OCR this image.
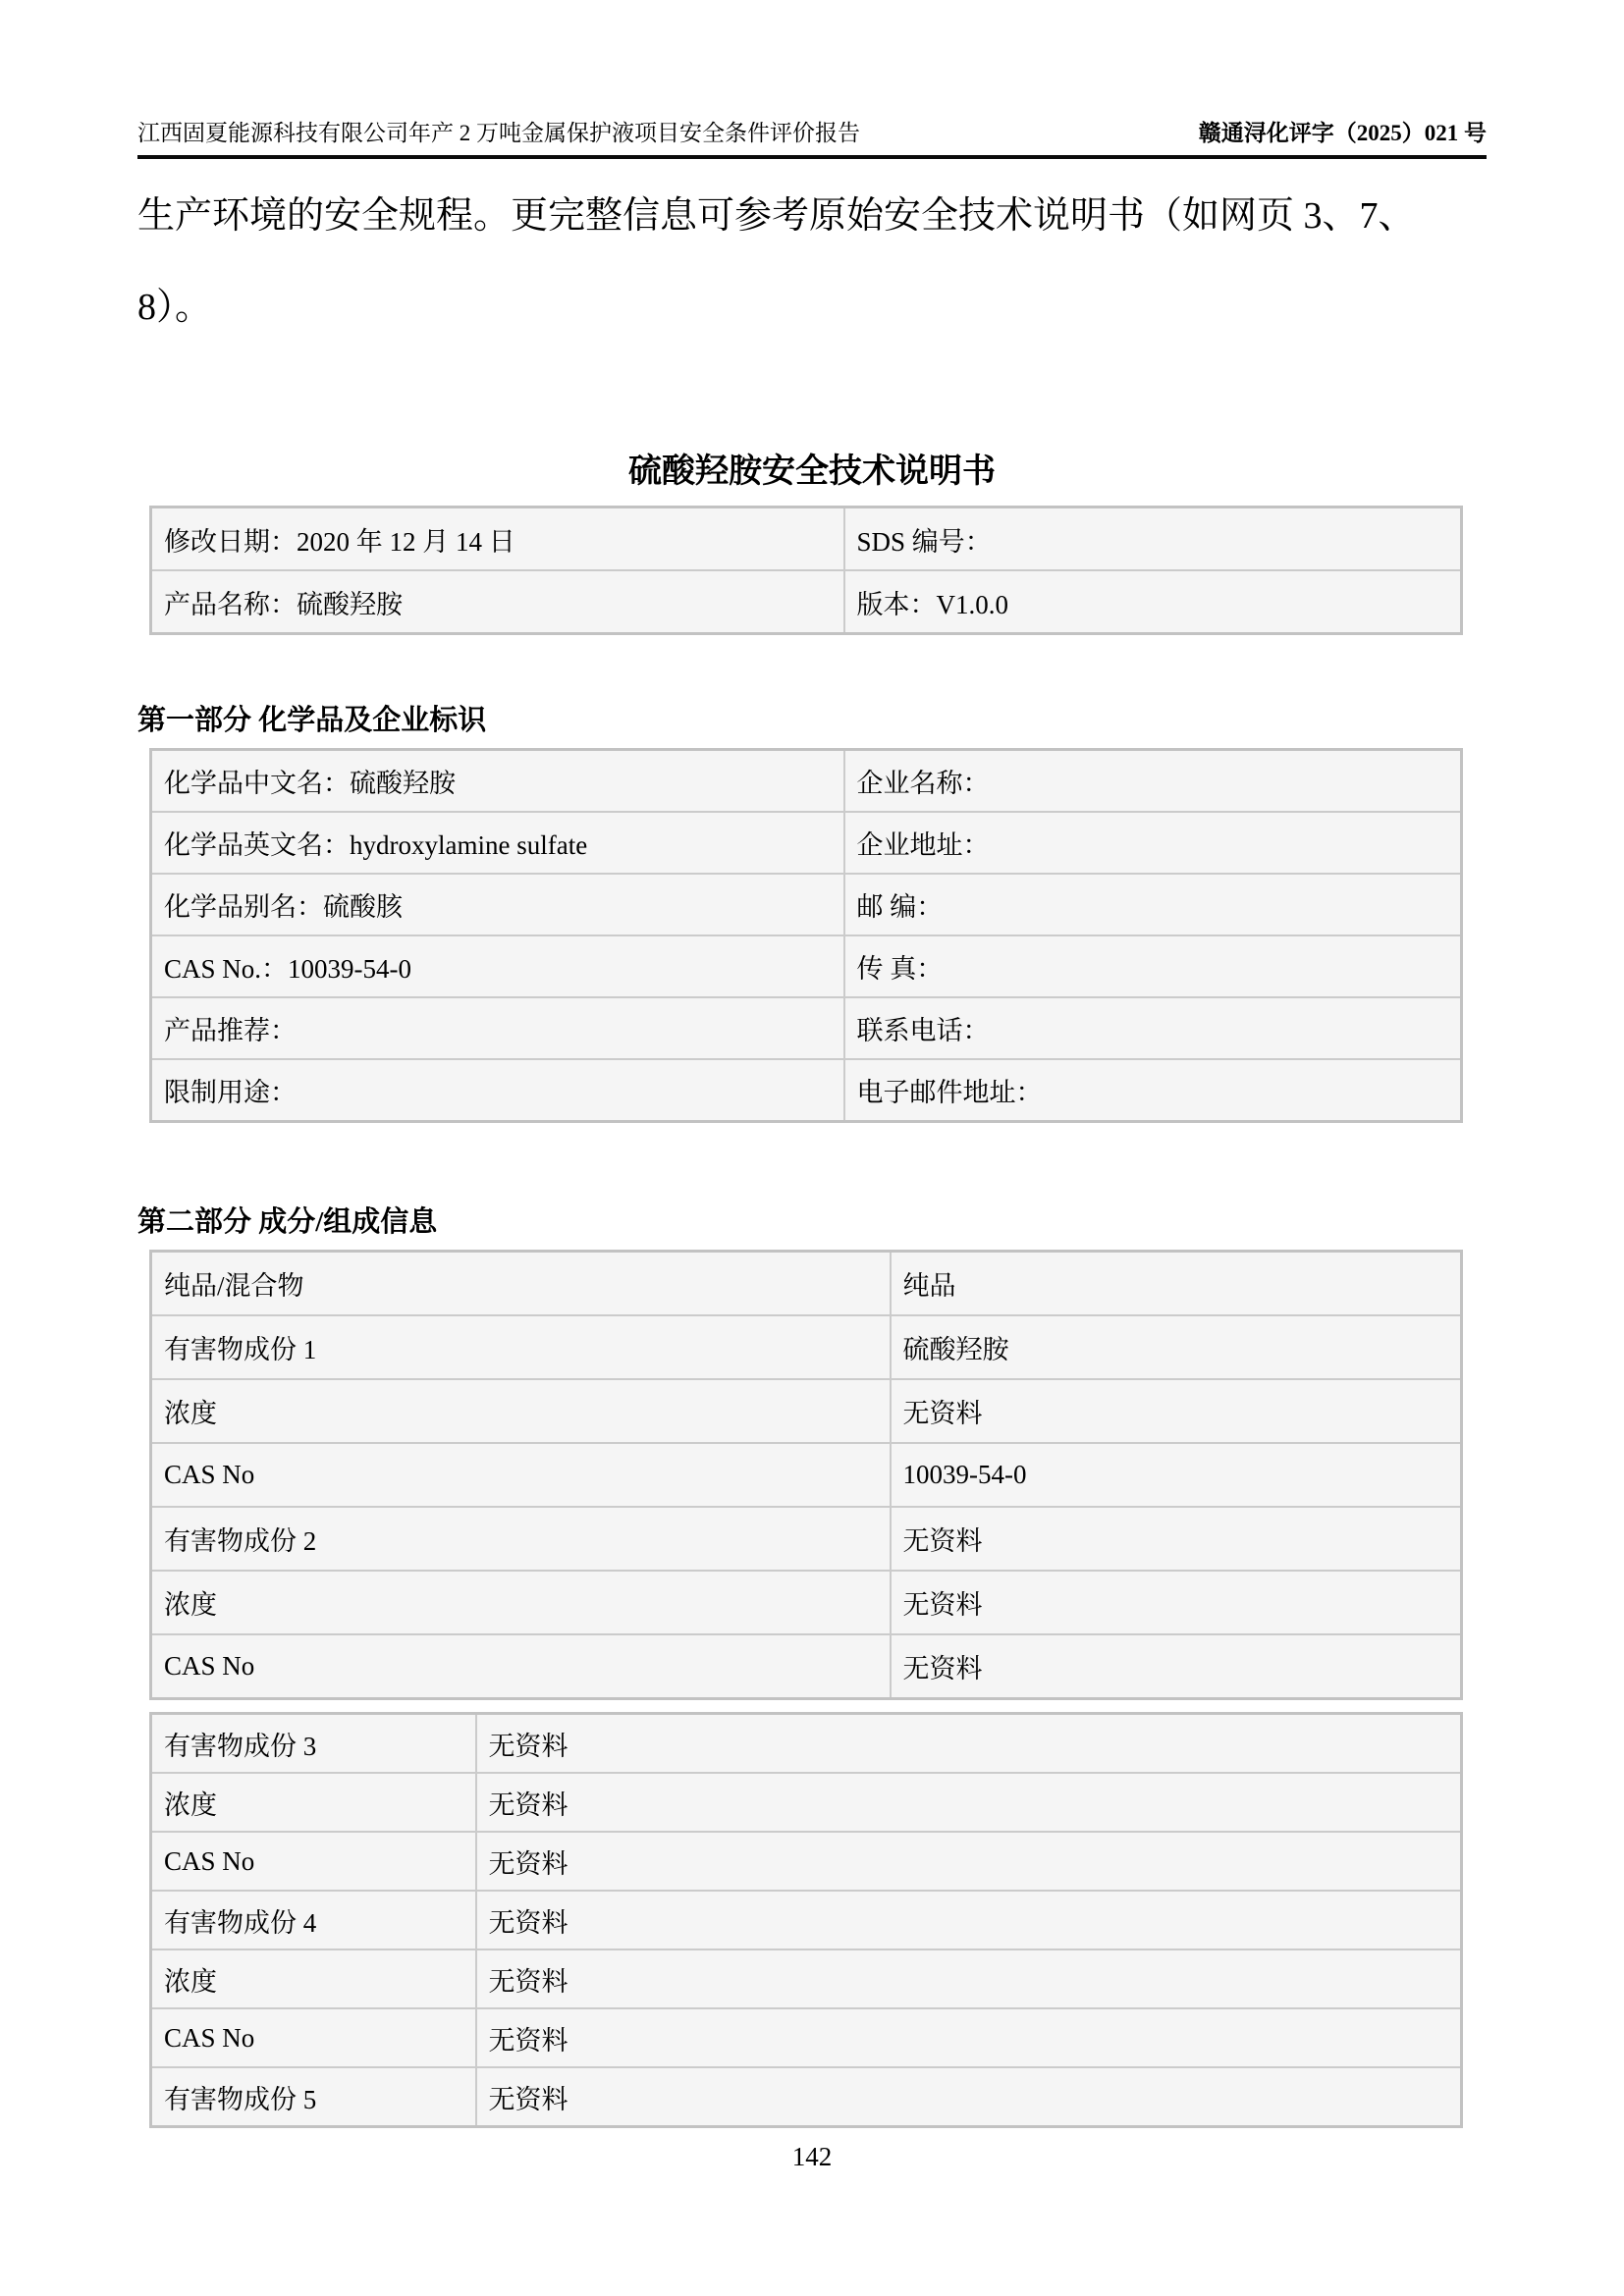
江西固夏能源科技有限公司年产 2 万吨金属保护液项目安全条件评价报告	赣通浔化评字（2025）021 号
生产环境的安全规程。更完整信息可参考原始安全技术说明书（如网页 3、7、
8）。
硫酸羟胺安全技术说明书
修改日期：2020 年 12 月 14 日	SDS 编号：
产品名称：硫酸羟胺	版本：V1.0.0
第一部分 化学品及企业标识
化学品中文名：硫酸羟胺	企业名称：
化学品英文名：hydroxylamine sulfate	企业地址：
化学品别名：硫酸胲	邮 编：
CAS No.：10039-54-0	传 真：
产品推荐：	联系电话：
限制用途：	电子邮件地址：
第二部分 成分/组成信息
纯品/混合物	纯品
有害物成份 1	硫酸羟胺
浓度	无资料
CAS No	10039-54-0
有害物成份 2	无资料
浓度	无资料
CAS No	无资料
有害物成份 3	无资料
浓度	无资料
CAS No	无资料
有害物成份 4	无资料
浓度	无资料
CAS No	无资料
有害物成份 5	无资料
142
